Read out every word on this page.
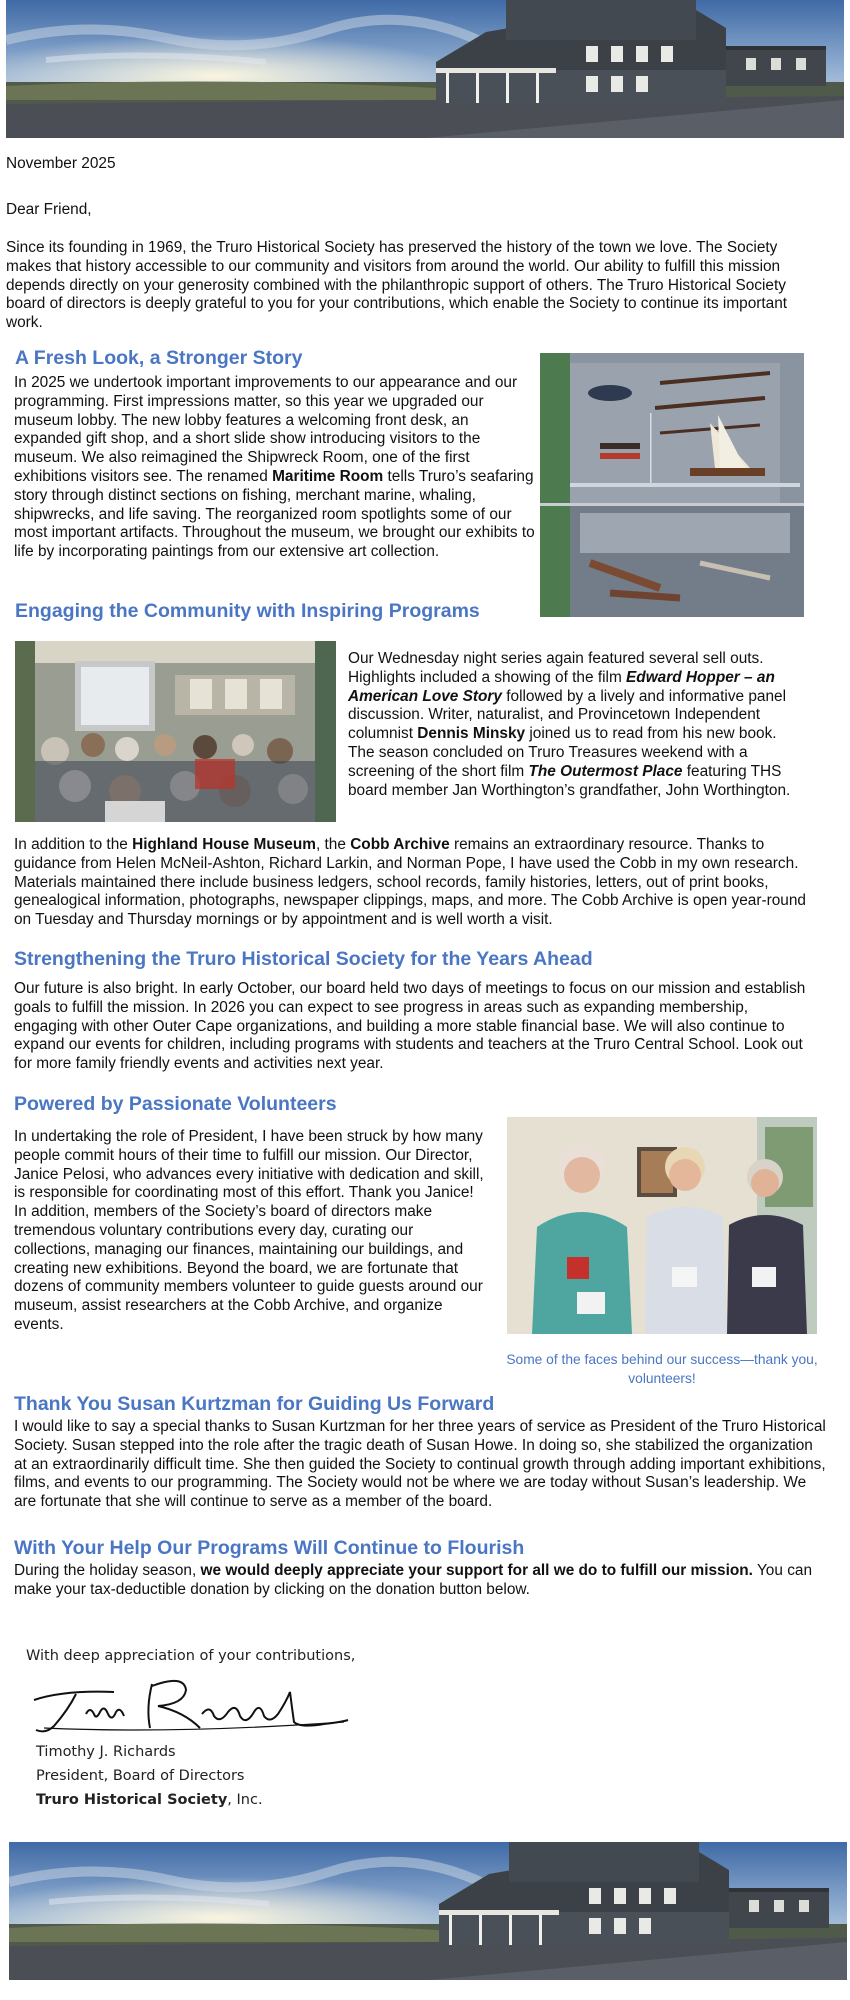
November 2025
Dear Friend,

Since its founding in 1969, the Truro Historical Society has preserved the history of the town we love. The Society makes that history accessible to our community and visitors from around the world. Our ability to fulfill this mission depends directly on your generosity combined with the philanthropic support of others. The Truro Historical Society board of directors is deeply grateful to you for your contributions, which enable the Society to continue its important work.

A Fresh Look, a Stronger Story

In 2025 we undertook important improvements to our appearance and our programming. First impressions matter, so this year we upgraded our museum lobby. The new lobby features a welcoming front desk, an expanded gift shop, and a short slide show introducing visitors to the museum. We also reimagined the Shipwreck Room, one of the first exhibitions visitors see. The renamed Maritime Room tells Truro’s seafaring story through distinct sections on fishing, merchant marine, whaling, shipwrecks, and life saving. The reorganized room spotlights some of our most important artifacts. Throughout the museum, we brought our exhibits to life by incorporating paintings from our extensive art collection.

Engaging the Community with Inspiring Programs

Our Wednesday night series again featured several sell outs. Highlights included a showing of the film Edward Hopper – an American Love Story followed by a lively and informative panel discussion. Writer, naturalist, and Provincetown Independent columnist Dennis Minsky joined us to read from his new book. The season concluded on Truro Treasures weekend with a screening of the short film The Outermost Place featuring THS board member Jan Worthington’s grandfather, John Worthington.

In addition to the Highland House Museum, the Cobb Archive remains an extraordinary resource. Thanks to guidance from Helen McNeil-Ashton, Richard Larkin, and Norman Pope, I have used the Cobb in my own research. Materials maintained there include business ledgers, school records, family histories, letters, out of print books, genealogical information, photographs, newspaper clippings, maps, and more. The Cobb Archive is open year-round on Tuesday and Thursday mornings or by appointment and is well worth a visit.

Strengthening the Truro Historical Society for the Years Ahead

Our future is also bright. In early October, our board held two days of meetings to focus on our mission and establish goals to fulfill the mission. In 2026 you can expect to see progress in areas such as expanding membership, engaging with other Outer Cape organizations, and building a more stable financial base. We will also continue to expand our events for children, including programs with students and teachers at the Truro Central School. Look out for more family friendly events and activities next year.

Powered by Passionate Volunteers

In undertaking the role of President, I have been struck by how many people commit hours of their time to fulfill our mission. Our Director, Janice Pelosi, who advances every initiative with dedication and skill, is responsible for coordinating most of this effort. Thank you Janice! In addition, members of the Society’s board of directors make tremendous voluntary contributions every day, curating our collections, managing our finances, maintaining our buildings, and creating new exhibitions. Beyond the board, we are fortunate that dozens of community members volunteer to guide guests around our museum, assist researchers at the Cobb Archive, and organize events.

Some of the faces behind our success—thank you, volunteers!

Thank You Susan Kurtzman for Guiding Us Forward

I would like to say a special thanks to Susan Kurtzman for her three years of service as President of the Truro Historical Society. Susan stepped into the role after the tragic death of Susan Howe. In doing so, she stabilized the organization at an extraordinarily difficult time. She then guided the Society to continual growth through adding important exhibitions, films, and events to our programming. The Society would not be where we are today without Susan’s leadership. We are fortunate that she will continue to serve as a member of the board.

With Your Help Our Programs Will Continue to Flourish

During the holiday season, we would deeply appreciate your support for all we do to fulfill our mission. You can make your tax-deductible donation by clicking on the donation button below.

With deep appreciation of your contributions,
Timothy J. Richards
President, Board of Directors
Truro Historical Society, Inc.
